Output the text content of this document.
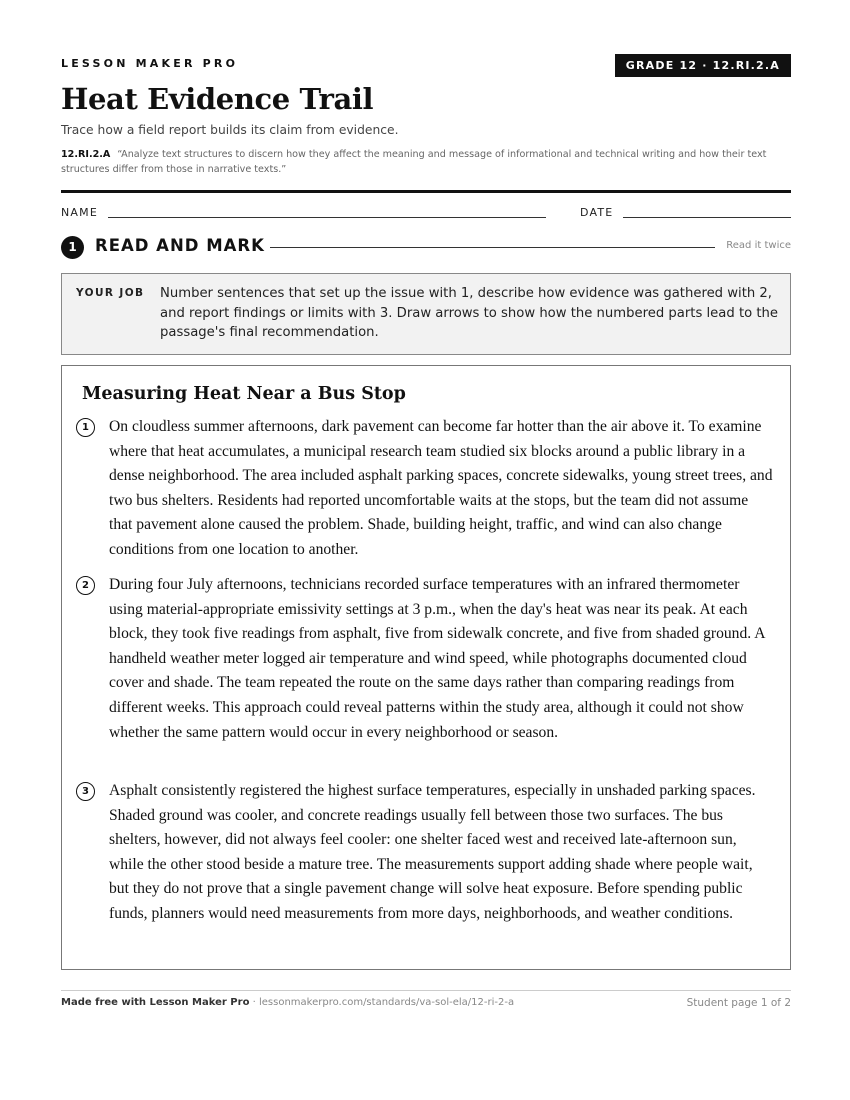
LESSON MAKER PRO	GRADE 12 · 12.RI.2.A
Heat Evidence Trail
Trace how a field report builds its claim from evidence.
12.RI.2.A “Analyze text structures to discern how they affect the meaning and message of informational and technical writing and how their text structures differ from those in narrative texts.”
NAME	DATE
1	READ AND MARK	Read it twice
YOUR JOB Number sentences that set up the issue with 1, describe how evidence was gathered with 2, and report findings or limits with 3. Draw arrows to show how the numbered parts lead to the passage's final recommendation.
Measuring Heat Near a Bus Stop
1	On cloudless summer afternoons, dark pavement can become far hotter than the air above it. To examine where that heat accumulates, a municipal research team studied six blocks around a public library in a dense neighborhood. The area included asphalt parking spaces, concrete sidewalks, young street trees, and two bus shelters. Residents had reported uncomfortable waits at the stops, but the team did not assume that pavement alone caused the problem. Shade, building height, traffic, and wind can also change conditions from one location to another.
2	During four July afternoons, technicians recorded surface temperatures with an infrared thermometer using material-appropriate emissivity settings at 3 p.m., when the day's heat was near its peak. At each block, they took five readings from asphalt, five from sidewalk concrete, and five from shaded ground. A handheld weather meter logged air temperature and wind speed, while photographs documented cloud cover and shade. The team repeated the route on the same days rather than comparing readings from different weeks. This approach could reveal patterns within the study area, although it could not show whether the same pattern would occur in every neighborhood or season.
3	Asphalt consistently registered the highest surface temperatures, especially in unshaded parking spaces. Shaded ground was cooler, and concrete readings usually fell between those two surfaces. The bus shelters, however, did not always feel cooler: one shelter faced west and received late-afternoon sun, while the other stood beside a mature tree. The measurements support adding shade where people wait, but they do not prove that a single pavement change will solve heat exposure. Before spending public funds, planners would need measurements from more days, neighborhoods, and weather conditions.
Made free with Lesson Maker Pro · lessonmakerpro.com/standards/va-sol-ela/12-ri-2-a	Student page 1 of 2
